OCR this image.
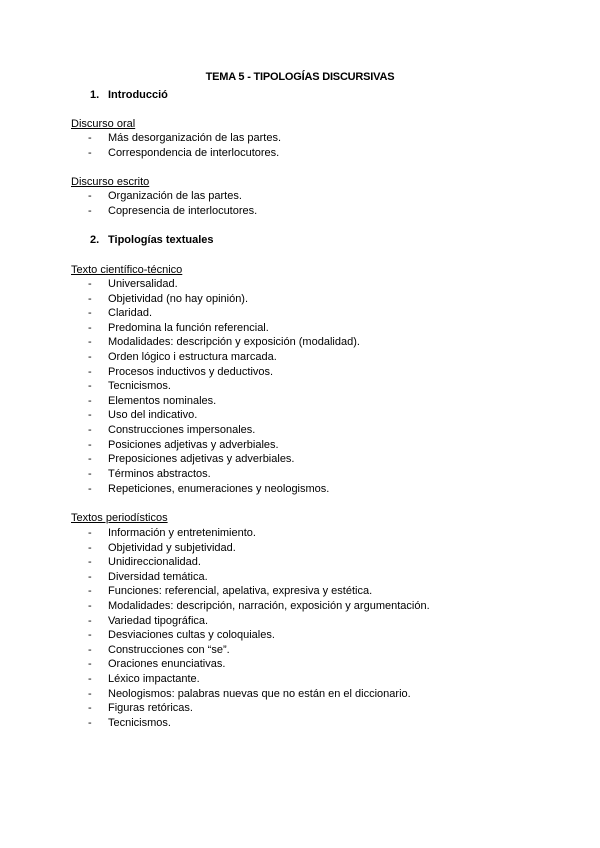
TEMA 5 - TIPOLOGÍAS DISCURSIVAS
1. Introducció
Discurso oral
- Más desorganización de las partes.
- Correspondencia de interlocutores.
Discurso escrito
- Organización de las partes.
- Copresencia de interlocutores.
2. Tipologías textuales
Texto científico-técnico
- Universalidad.
- Objetividad (no hay opinión).
- Claridad.
- Predomina la función referencial.
- Modalidades: descripción y exposición (modalidad).
- Orden lógico i estructura marcada.
- Procesos inductivos y deductivos.
- Tecnicismos.
- Elementos nominales.
- Uso del indicativo.
- Construcciones impersonales.
- Posiciones adjetivas y adverbiales.
- Preposiciones adjetivas y adverbiales.
- Términos abstractos.
- Repeticiones, enumeraciones y neologismos.
Textos periodísticos
- Información y entretenimiento.
- Objetividad y subjetividad.
- Unidireccionalidad.
- Diversidad temática.
- Funciones: referencial, apelativa, expresiva y estética.
- Modalidades: descripción, narración, exposición y argumentación.
- Variedad tipográfica.
- Desviaciones cultas y coloquiales.
- Construcciones con “se”.
- Oraciones enunciativas.
- Léxico impactante.
- Neologismos: palabras nuevas que no están en el diccionario.
- Figuras retóricas.
- Tecnicismos.
